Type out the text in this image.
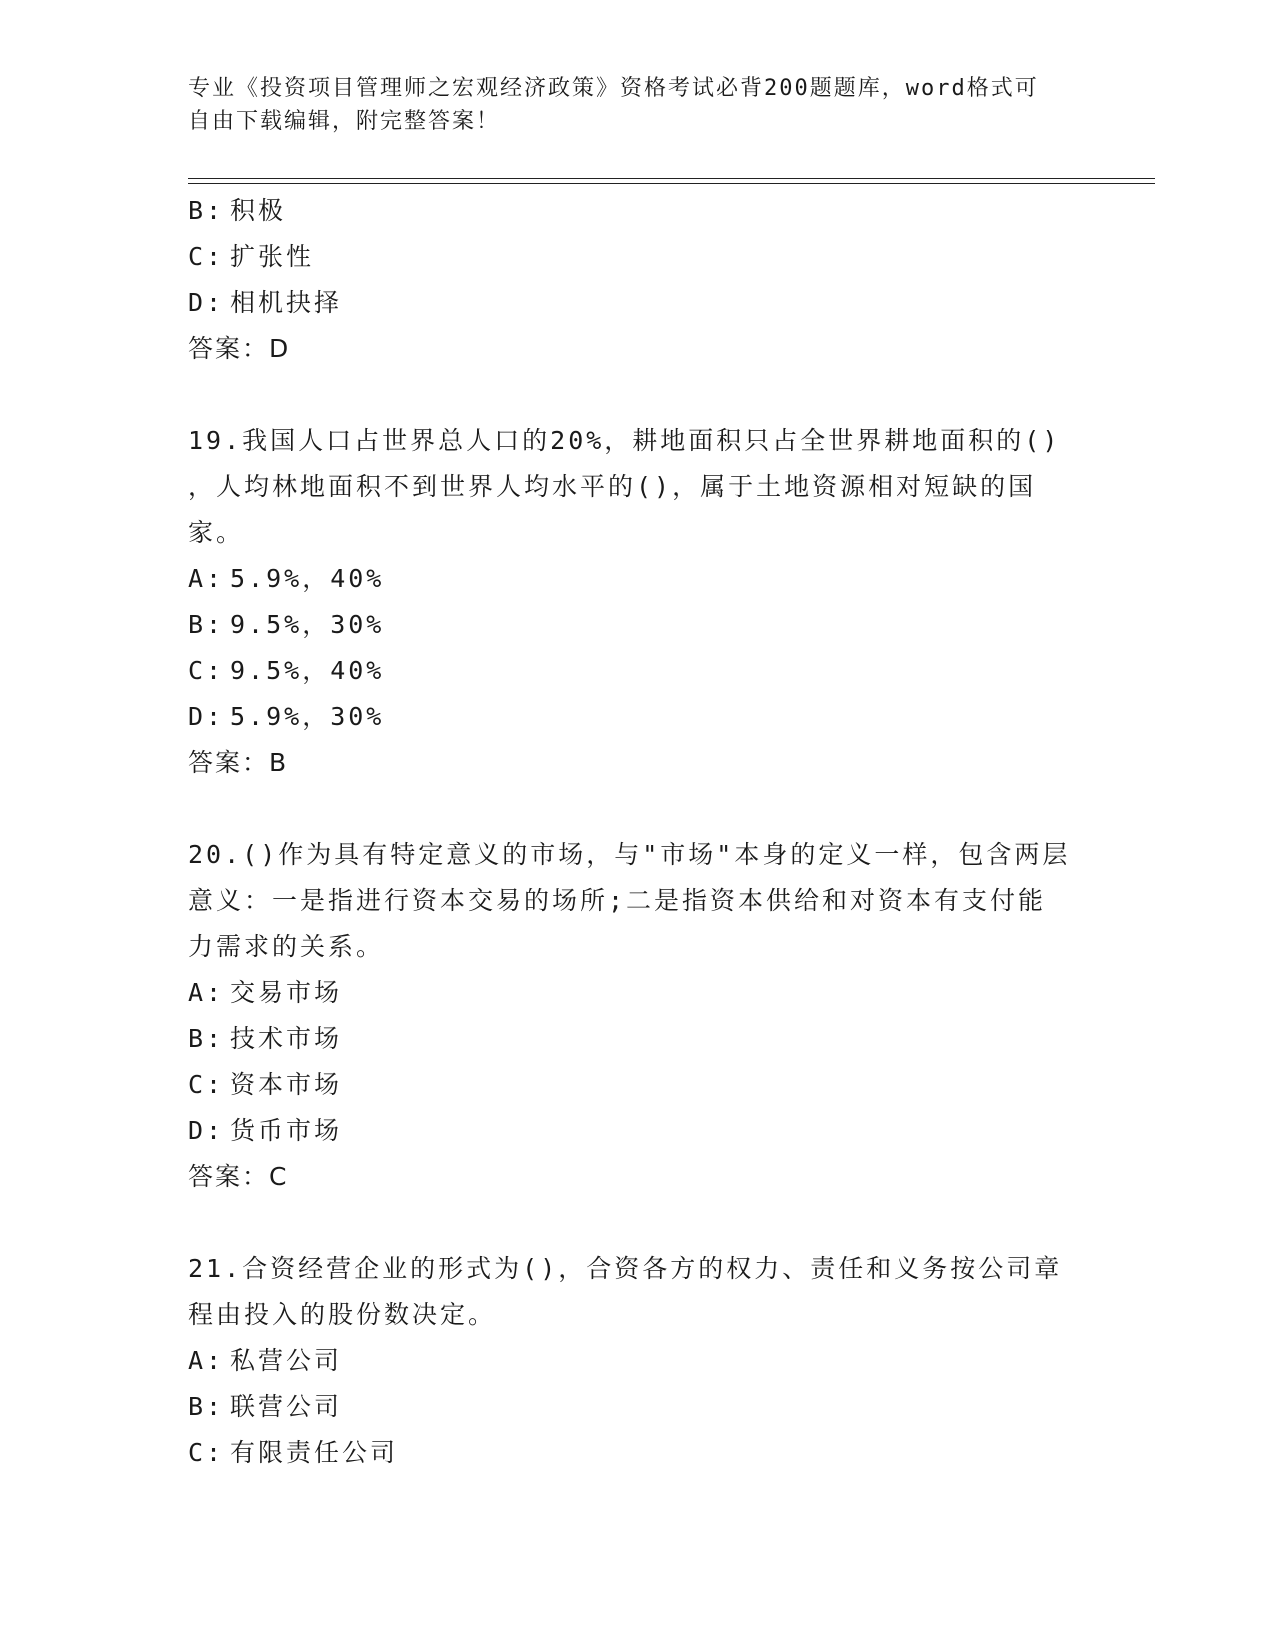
专业《投资项目管理师之宏观经济政策》资格考试必背200题题库，word格式可
自由下载编辑，附完整答案！
B: 积极
C: 扩张性
D: 相机抉择
答案：D
19.我国人口占世界总人口的20%，耕地面积只占全世界耕地面积的()
，人均林地面积不到世界人均水平的()，属于土地资源相对短缺的国
家。
A: 5.9%，40%
B: 9.5%，30%
C: 9.5%，40%
D: 5.9%，30%
答案：B
20.()作为具有特定意义的市场，与"市场"本身的定义一样，包含两层
意义：一是指进行资本交易的场所;二是指资本供给和对资本有支付能
力需求的关系。
A: 交易市场
B: 技术市场
C: 资本市场
D: 货币市场
答案：C
21.合资经营企业的形式为()，合资各方的权力、责任和义务按公司章
程由投入的股份数决定。
A: 私营公司
B: 联营公司
C: 有限责任公司
